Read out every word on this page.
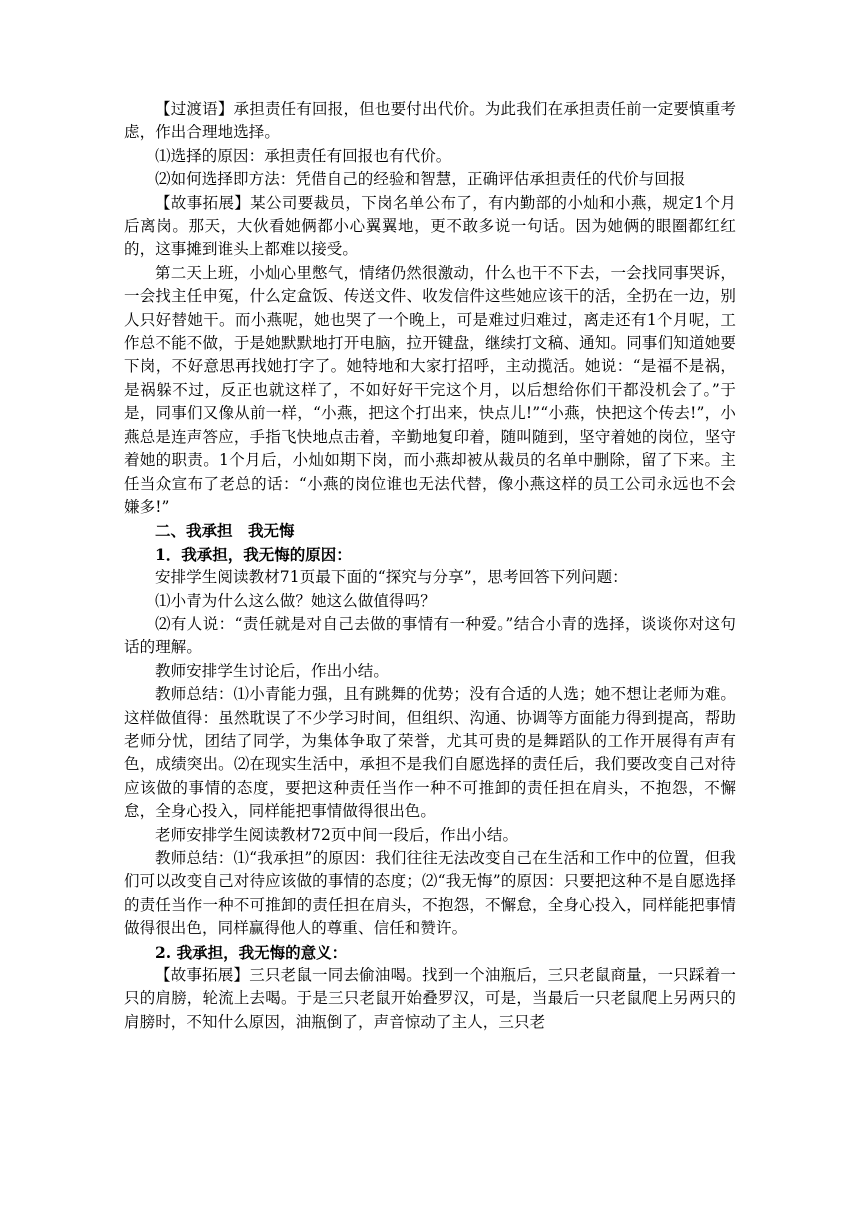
【过渡语】承担责任有回报，但也要付出代价。为此我们在承担责任前一定要慎重考虑，作出合理地选择。

⑴选择的原因：承担责任有回报也有代价。

⑵如何选择即方法：凭借自己的经验和智慧，正确评估承担责任的代价与回报

【故事拓展】某公司要裁员，下岗名单公布了，有内勤部的小灿和小燕，规定1个月后离岗。那天，大伙看她俩都小心翼翼地，更不敢多说一句话。因为她俩的眼圈都红红的，这事摊到谁头上都难以接受。

第二天上班，小灿心里憋气，情绪仍然很激动，什么也干不下去，一会找同事哭诉，一会找主任申冤，什么定盒饭、传送文件、收发信件这些她应该干的活，全扔在一边，别人只好替她干。而小燕呢，她也哭了一个晚上，可是难过归难过，离走还有1个月呢，工作总不能不做，于是她默默地打开电脑，拉开键盘，继续打文稿、通知。同事们知道她要下岗，不好意思再找她打字了。她特地和大家打招呼，主动揽活。她说：“是福不是祸，是祸躲不过，反正也就这样了，不如好好干完这个月，以后想给你们干都没机会了。”于是，同事们又像从前一样，“小燕，把这个打出来，快点儿!”“小燕，快把这个传去!”，小燕总是连声答应，手指飞快地点击着，辛勤地复印着，随叫随到，坚守着她的岗位，坚守着她的职责。1个月后，小灿如期下岗，而小燕却被从裁员的名单中删除，留了下来。主任当众宣布了老总的话：“小燕的岗位谁也无法代替，像小燕这样的员工公司永远也不会嫌多!”

二、我承担　我无悔

1．我承担，我无悔的原因：

安排学生阅读教材71页最下面的“探究与分享”，思考回答下列问题：

⑴小青为什么这么做？她这么做值得吗？

⑵有人说：“责任就是对自己去做的事情有一种爱。”结合小青的选择，谈谈你对这句话的理解。

教师安排学生讨论后，作出小结。

教师总结：⑴小青能力强，且有跳舞的优势；没有合适的人选；她不想让老师为难。这样做值得：虽然耽误了不少学习时间，但组织、沟通、协调等方面能力得到提高，帮助老师分忧，团结了同学，为集体争取了荣誉，尤其可贵的是舞蹈队的工作开展得有声有色，成绩突出。⑵在现实生活中，承担不是我们自愿选择的责任后，我们要改变自己对待应该做的事情的态度，要把这种责任当作一种不可推卸的责任担在肩头，不抱怨，不懈怠，全身心投入，同样能把事情做得很出色。

老师安排学生阅读教材72页中间一段后，作出小结。

教师总结：⑴“我承担”的原因：我们往往无法改变自己在生活和工作中的位置，但我们可以改变自己对待应该做的事情的态度；⑵“我无悔”的原因：只要把这种不是自愿选择的责任当作一种不可推卸的责任担在肩头，不抱怨，不懈怠，全身心投入，同样能把事情做得很出色，同样赢得他人的尊重、信任和赞许。

2. 我承担，我无悔的意义：

【故事拓展】三只老鼠一同去偷油喝。找到一个油瓶后，三只老鼠商量，一只踩着一只的肩膀，轮流上去喝。于是三只老鼠开始叠罗汉，可是，当最后一只老鼠爬上另两只的肩膀时，不知什么原因，油瓶倒了，声音惊动了主人，三只老
